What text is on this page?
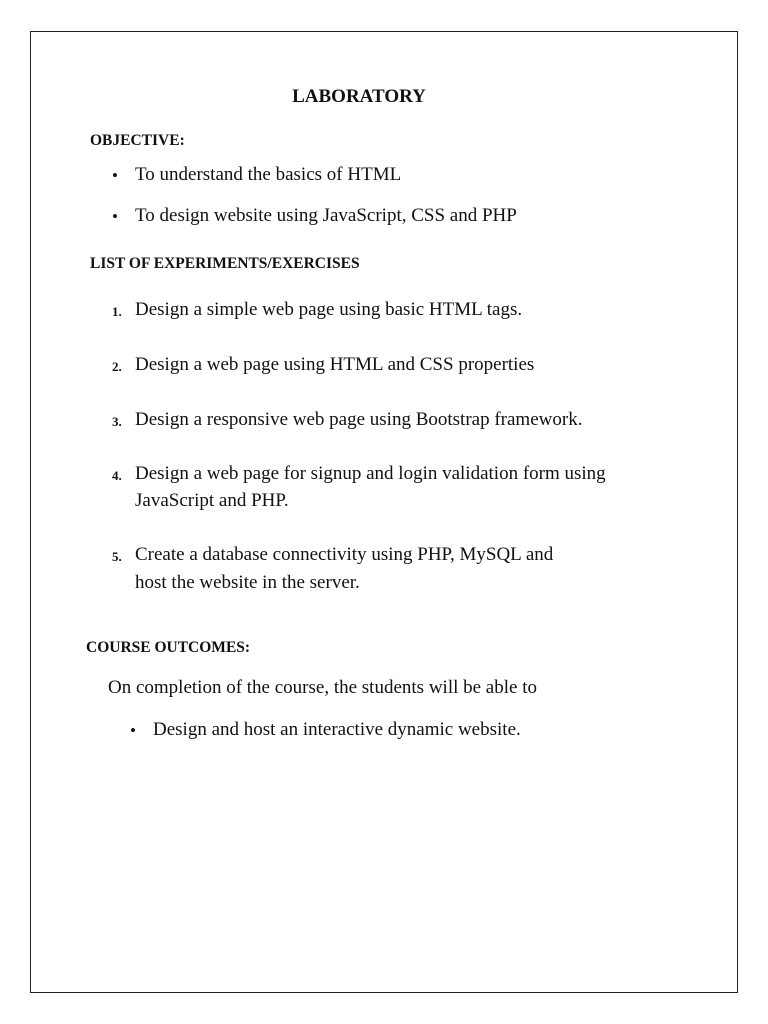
LABORATORY
OBJECTIVE:
• To understand the basics of HTML
• To design website using JavaScript, CSS and PHP
LIST OF EXPERIMENTS/EXERCISES
1. Design a simple web page using basic HTML tags.
2. Design a web page using HTML and CSS properties
3. Design a responsive web page using Bootstrap framework.
4. Design a web page for signup and login validation form using
JavaScript and PHP.
5. Create a database connectivity using PHP, MySQL and
host the website in the server.
COURSE OUTCOMES:
On completion of the course, the students will be able to
• Design and host an interactive dynamic website.
